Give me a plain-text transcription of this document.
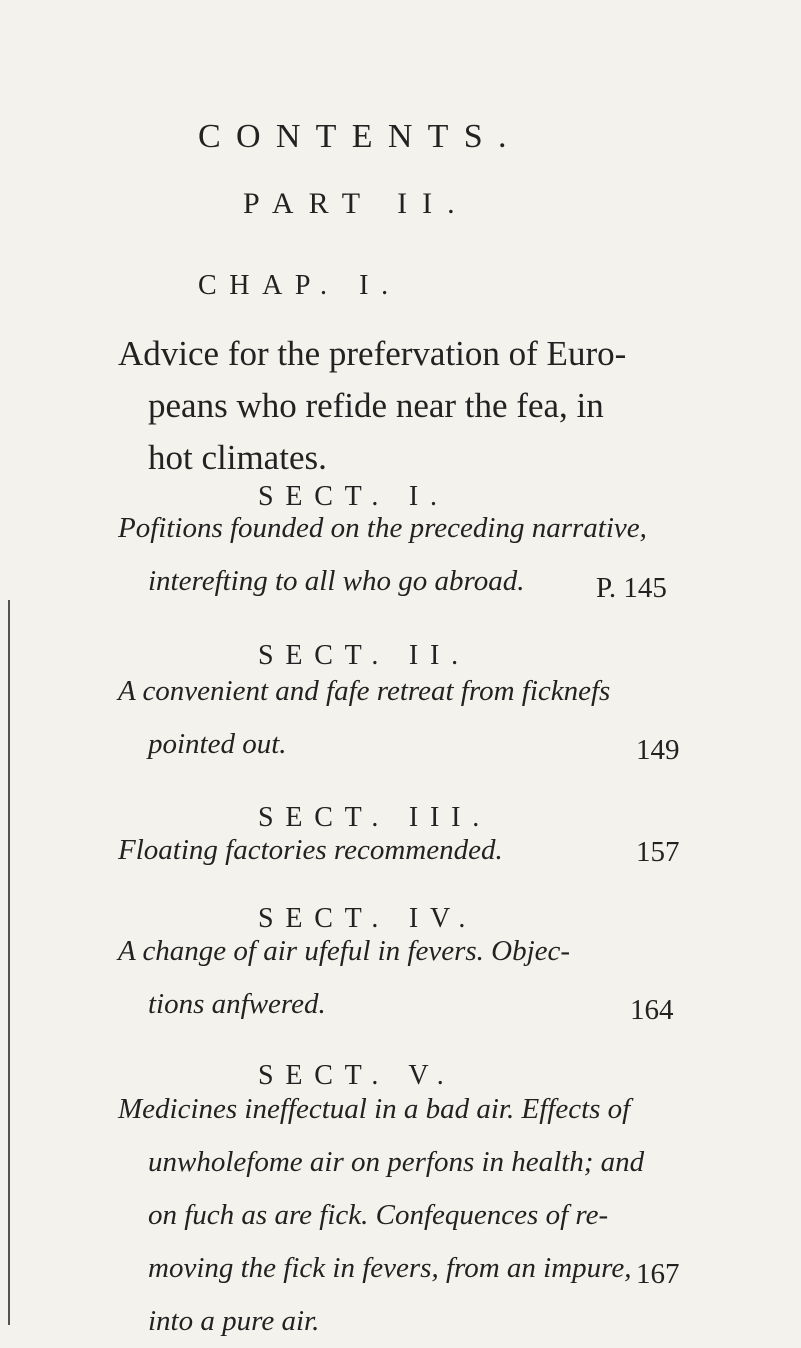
CONTENTS.
PART II.
CHAP. I.
Advice for the prefervation of Euro-
peans who refide near the fea, in
hot climates.
SECT. I.
Pofitions founded on the preceding narrative,
interefting to all who go abroad.	P. 145
SECT. II.
A convenient and fafe retreat from ficknefs
pointed out.	149
SECT. III.
Floating factories recommended.	157
SECT. IV.
A change of air ufeful in fevers. Objec-
tions anfwered.	164
SECT. V.
Medicines ineffectual in a bad air. Effects of
unwholefome air on perfons in health; and
on fuch as are fick. Confequences of re-
moving the fick in fevers, from an impure,
into a pure air.
167
